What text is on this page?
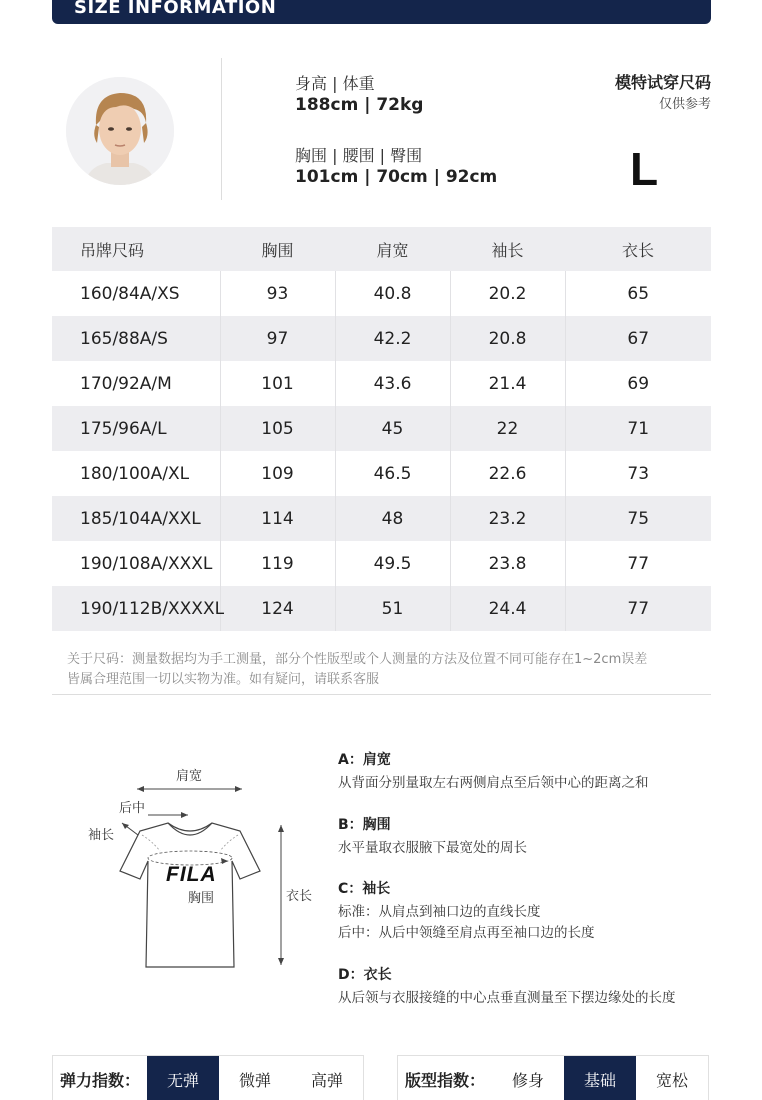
SIZE INFORMATION
身高 | 体重
188cm | 72kg
胸围 | 腰围 | 臀围
101cm | 70cm | 92cm
模特试穿尺码
仅供参考
L
吊牌尺码	胸围	肩宽	袖长	衣长
160/84A/XS	93	40.8	20.2	65
165/88A/S	97	42.2	20.8	67
170/92A/M	101	43.6	21.4	69
175/96A/L	105	45	22	71
180/100A/XL	109	46.5	22.6	73
185/104A/XXL	114	48	23.2	75
190/108A/XXXL	119	49.5	23.8	77
190/112B/XXXXL	124	51	24.4	77
关于尺码：测量数据均为手工测量，部分个性版型或个人测量的方法及位置不同可能存在1~2cm误差
皆属合理范围一切以实物为准。如有疑问，请联系客服
肩宽
后中
袖长
FILA
胸围	衣长
A：肩宽
从背面分别量取左右两侧肩点至后领中心的距离之和
B：胸围
水平量取衣服腋下最宽处的周长
C：袖长
标准：从肩点到袖口边的直线长度
后中：从后中领缝至肩点再至袖口边的长度
D：衣长
从后领与衣服接缝的中心点垂直测量至下摆边缘处的长度
弹力指数：	无弹	微弹	高弹	版型指数：	修身	基础	宽松
